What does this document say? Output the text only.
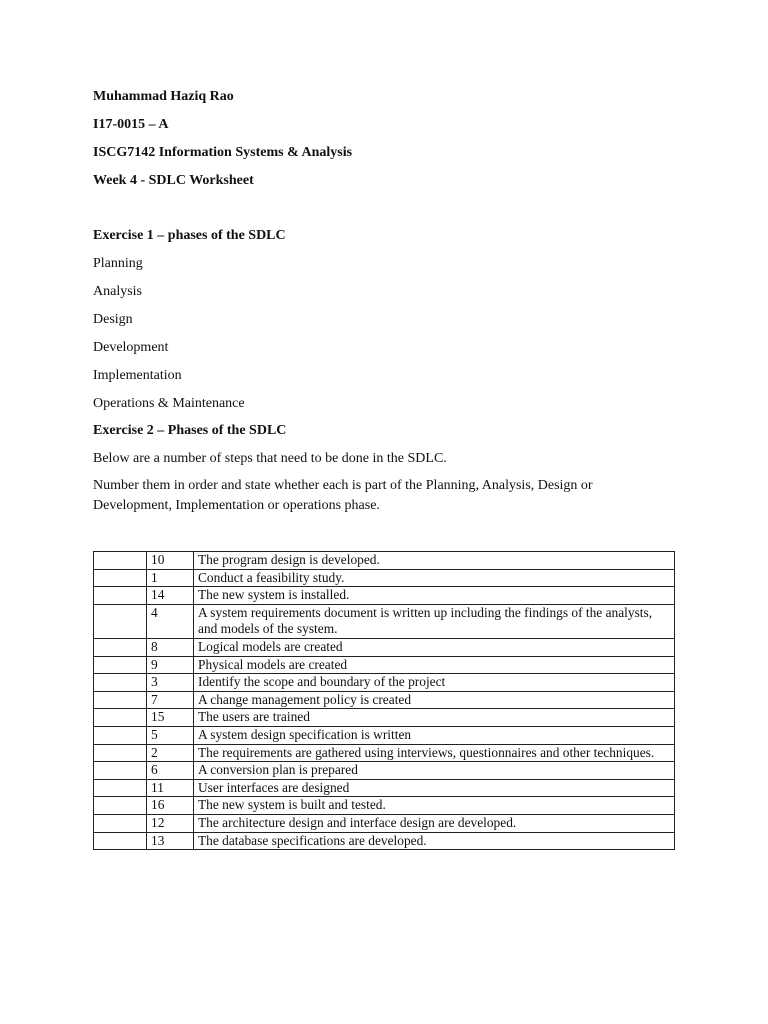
Muhammad Haziq Rao
I17-0015 – A
ISCG7142 Information Systems & Analysis
Week 4 - SDLC Worksheet
Exercise 1 – phases of the SDLC
Planning
Analysis
Design
Development
Implementation
Operations & Maintenance
Exercise 2 – Phases of the SDLC
Below are a number of steps that need to be done in the SDLC.
Number them in order and state whether each is part of the Planning, Analysis, Design or Development, Implementation or operations phase.
	10	The program design is developed.
	1	Conduct a feasibility study.
	14	The new system is installed.
	4	A system requirements document is written up including the findings of the analysts, and models of the system.
	8	Logical models are created
	9	Physical models are created
	3	Identify the scope and boundary of the project
	7	A change management policy is created
	15	The users are trained
	5	A system design specification is written
	2	The requirements are gathered using interviews, questionnaires and other techniques.
	6	A conversion plan is prepared
	11	User interfaces are designed
	16	The new system is built and tested.
	12	The architecture design and interface design are developed.
	13	The database specifications are developed.
